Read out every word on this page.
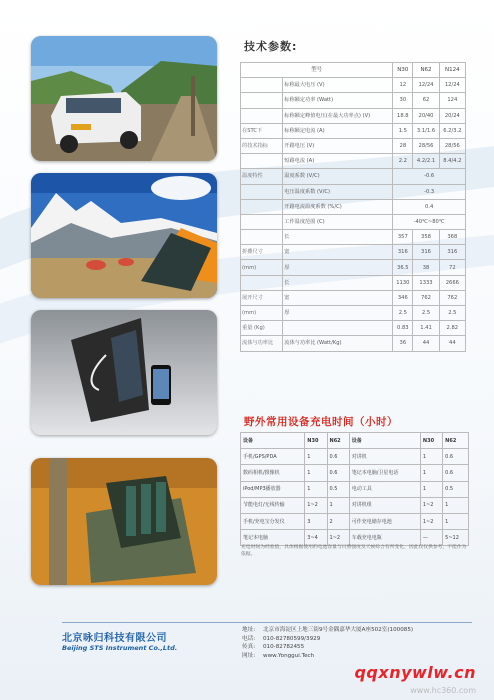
技术参数:
型号		N30	N62	N124
	标称最大电压 (V)	12	12/24	12/24
	标称额定功率 (Watt)	30	62	124
	标称额定峰值电压(在最大功率点) (V)	18.8	20/40	20/24
在STC下	标称额定电流 (A)	1.5	3.1/1.6	6.2/3.2
的技术指标	开路电压 (V)	28	28/56	28/56
	短路电流 (A)	2.2	4.2/2.1	8.4/4.2
温度特性	温度系数 (V/C)	-0.6		
	电压温度系数 (V/C)	-0.3		
	开路电流温度系数 (%/C)	0.4		
	工作温度范围 (C)	-40℃~80℃		
	长	357	358	368
折叠尺寸	宽	316	316	316
(mm)	厚	36.5	38	72
	长	1130	1333	2666
展开尺寸	宽	346	762	762
(mm)	厚	2.5	2.5	2.5
重量 (Kg)		0.83	1.41	2.82
流体与功率比	流体与功率比 (Watt/Kg)	36	44	44
野外常用设备充电时间（小时）
设备	N30	N62	设备	N30	N62
手机/GPS/PDA	1	0.6	对讲机	1	0.6
数码相机/摄像机	1	0.6	笔记本电脑/卫星电话	1	0.6
iPod/MP3播放器	1	0.5	电动工具	1	0.5
节能电灯/无线传输	1~2	1	对讲机组	1~2	1
手机/充电宝分发仪	3	2	可作充电储存电池	1~2	1
笔记本电脑	3~4	1~2	车载充电电瓶	—	5~12
充电时间为经验值，具体根据使用的电池容量与日照强度及天候综合有所变化，因此仅仅供参考，不能作为依据。
北京咏归科技有限公司
Beijing STS Instrument Co.,Ltd.
地址: 北京市海淀区上地三街9号金隅嘉华大厦A座502室(100085)
电话: 010-82780599/3929
传真: 010-82782455
网址: www.Yonggui.Tech
qqxnywlw.cn
www.hc360.com
